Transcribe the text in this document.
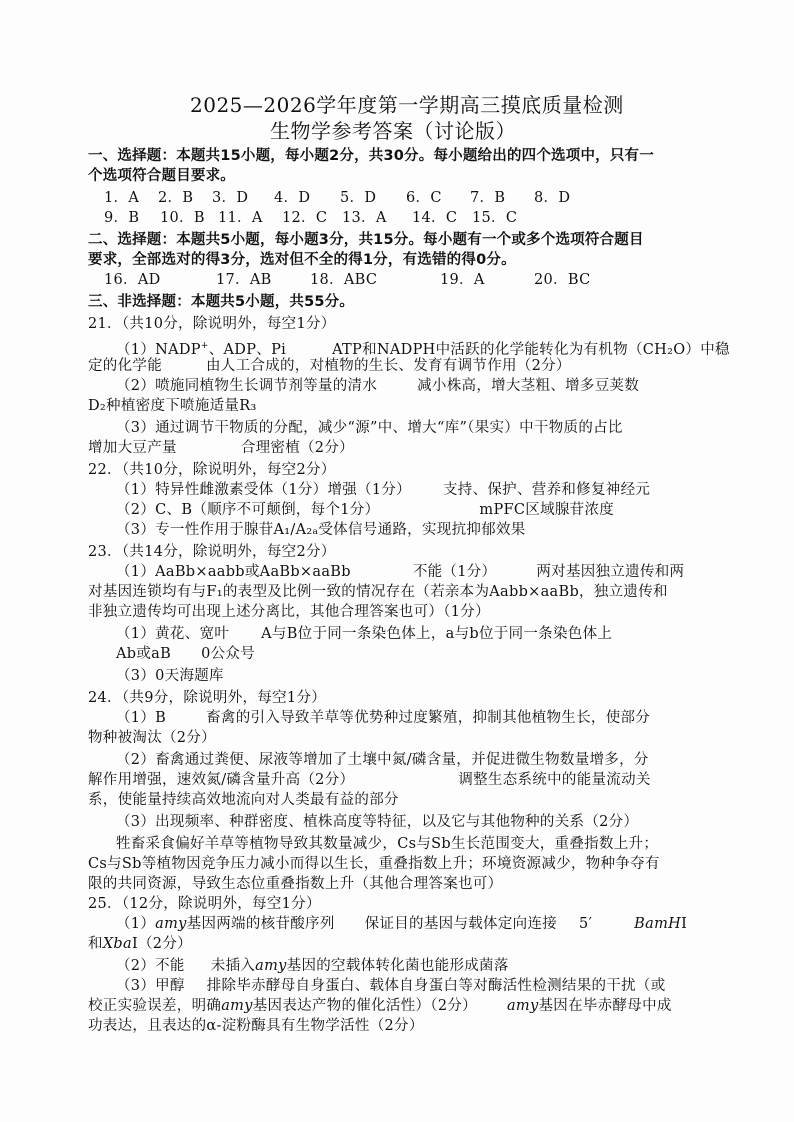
2025—2026学年度第一学期高三摸底质量检测
生物学参考答案（讨论版）
一、选择题：本题共15小题，每小题2分，共30分。每小题给出的四个选项中，只有一
个选项符合题目要求。
1．A 2．B 3．D 4．D 5．D 6．C 7．B 8．D
9．B 10．B 11．A 12．C 13．A 14．C 15．C
二、选择题：本题共5小题，每小题3分，共15分。每小题有一个或多个选项符合题目
要求，全部选对的得3分，选对但不全的得1分，有选错的得0分。
16．AD	17．AB	18．ABC	19．A	20．BC
三、非选择题：本题共5小题，共55分。
21．（共10分，除说明外，每空1分）
（1）NADP+、ADP、Pi	ATP和NADPH中活跃的化学能转化为有机物（CH₂O）中稳
定的化学能	由人工合成的，对植物的生长、发育有调节作用（2分）
（2）喷施同植物生长调节剂等量的清水	减小株高，增大茎粗、增多豆荚数
D₂种植密度下喷施适量R₃
（3）通过调节干物质的分配，减少“源”中、增大“库”（果实）中干物质的占比
增加大豆产量	合理密植（2分）
22．（共10分，除说明外，每空2分）
（1）特异性雌激素受体（1分）增强（1分） 支持、保护、营养和修复神经元
（2）C、B（顺序不可颠倒，每个1分）	mPFC区域腺苷浓度
（3）专一性作用于腺苷A₁/A₂ₐ受体信号通路，实现抗抑郁效果
23．（共14分，除说明外，每空2分）
（1）AaBb×aabb或AaBb×aaBb	不能（1分）	两对基因独立遗传和两
对基因连锁均有与F₁的表型及比例一致的情况存在（若亲本为Aabb×aaBb，独立遗传和
非独立遗传均可出现上述分离比，其他合理答案也可）（1分）
（1）黄花、宽叶 A与B位于同一条染色体上，a与b位于同一条染色体上
Ab或aB 0公众号
（3）0天海题库
24．（共9分，除说明外，每空1分）
（1）B	畜禽的引入导致羊草等优势种过度繁殖，抑制其他植物生长，使部分
物种被淘汰（2分）
（2）畜禽通过粪便、尿液等增加了土壤中氮/磷含量，并促进微生物数量增多，分
解作用增强，速效氮/磷含量升高（2分）	调整生态系统中的能量流动关
系，使能量持续高效地流向对人类最有益的部分
（3）出现频率、种群密度、植株高度等特征，以及它与其他物种的关系（2分）
牲畜采食偏好羊草等植物导致其数量减少，Cs与Sb生长范围变大，重叠指数上升；
Cs与Sb等植物因竞争压力减小而得以生长，重叠指数上升；环境资源减少，物种争夺有
限的共同资源，导致生态位重叠指数上升（其他合理答案也可）
25．（12分，除说明外，每空1分）
（1）amy基因两端的核苷酸序列 保证目的基因与载体定向连接 5′	BamHⅠ
和XbaⅠ（2分）
（2）不能 未插入amy基因的空载体转化菌也能形成菌落
（3）甲醇 排除毕赤酵母自身蛋白、载体自身蛋白等对酶活性检测结果的干扰（或
校正实验误差，明确amy基因表达产物的催化活性）（2分） amy基因在毕赤酵母中成
功表达，且表达的α-淀粉酶具有生物学活性（2分）
